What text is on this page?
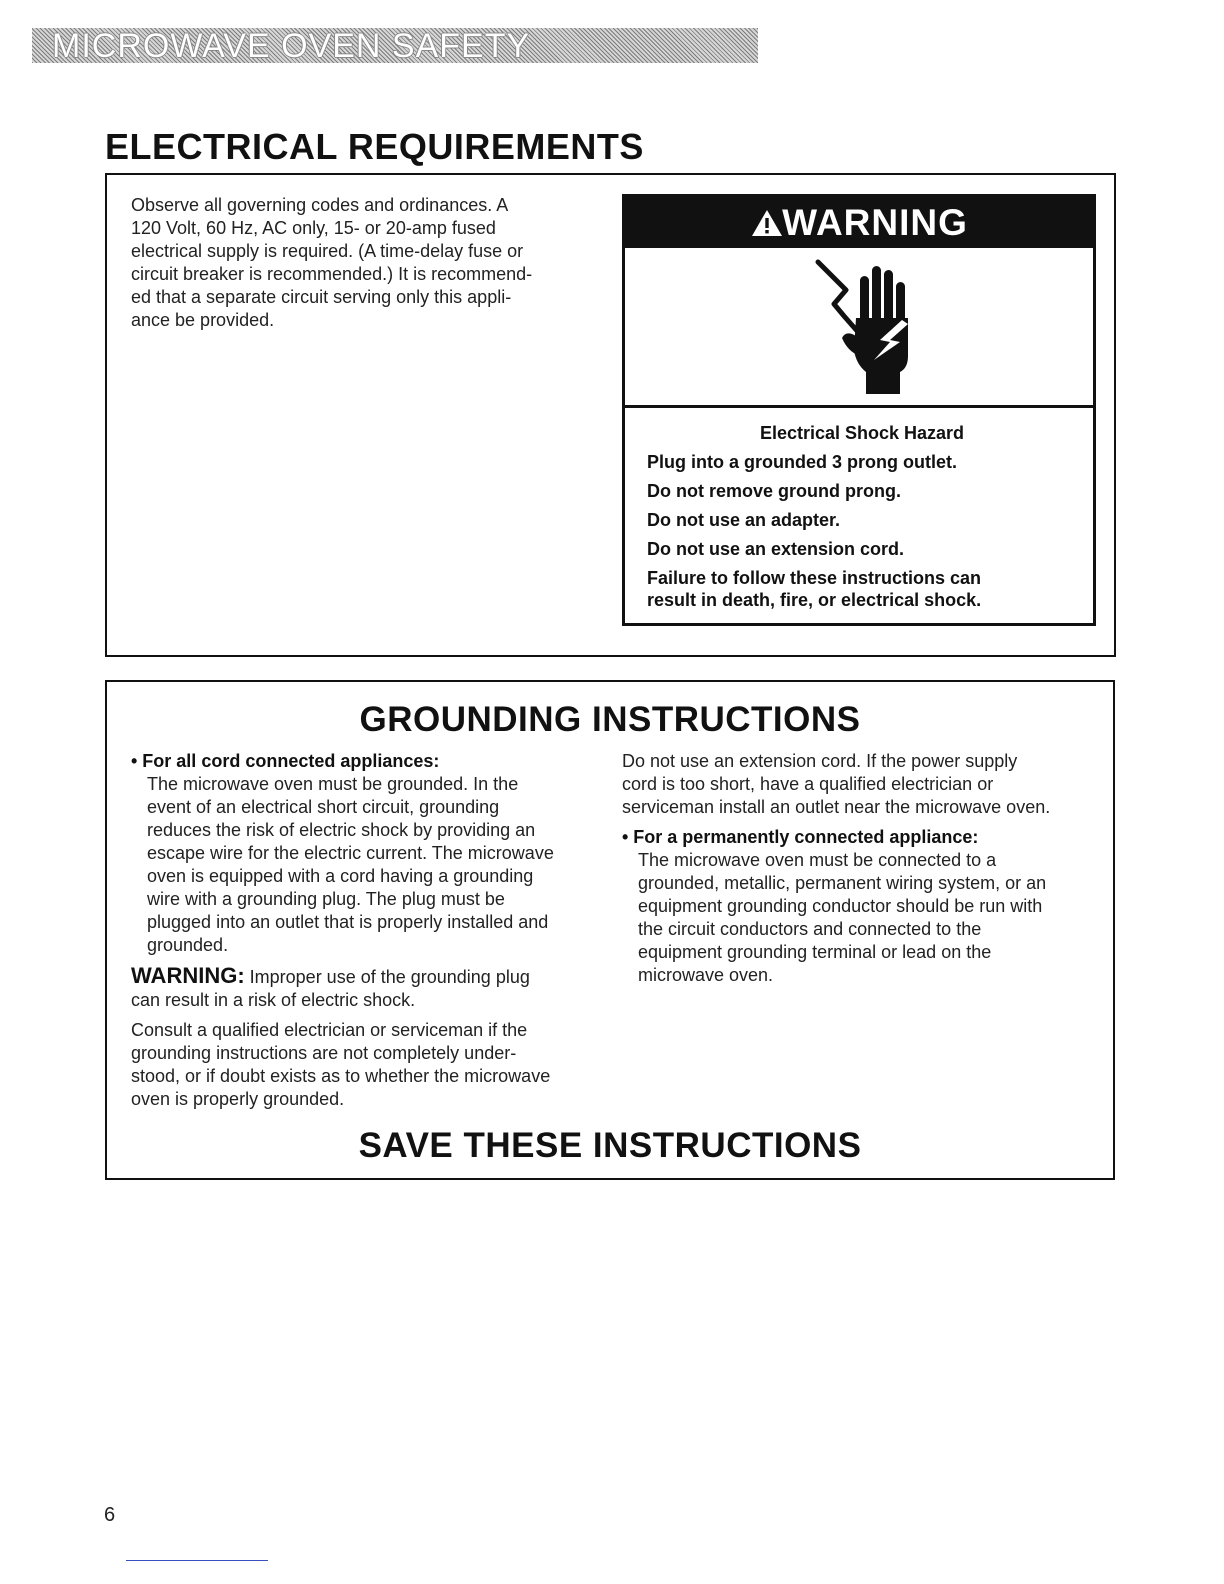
MICROWAVE OVEN SAFETY
ELECTRICAL REQUIREMENTS
Observe all governing codes and ordinances. A
120 Volt, 60 Hz, AC only, 15- or 20-amp fused
electrical supply is required. (A time-delay fuse or
circuit breaker is recommended.) It is recommend-
ed that a separate circuit serving only this appli-
ance be provided.
WARNING
Electrical Shock Hazard
Plug into a grounded 3 prong outlet.
Do not remove ground prong.
Do not use an adapter.
Do not use an extension cord.
Failure to follow these instructions can
result in death, fire, or electrical shock.
GROUNDING INSTRUCTIONS

• For all cord connected appliances:

The microwave oven must be grounded. In the

event of an electrical short circuit, grounding

reduces the risk of electric shock by providing an

escape wire for the electric current. The microwave

oven is equipped with a cord having a grounding

wire with a grounding plug. The plug must be

plugged into an outlet that is properly installed and

grounded.

WARNING: Improper use of the grounding plug

can result in a risk of electric shock.

Consult a qualified electrician or serviceman if the

grounding instructions are not completely under-

stood, or if doubt exists as to whether the microwave

oven is properly grounded.

Do not use an extension cord. If the power supply

cord is too short, have a qualified electrician or

serviceman install an outlet near the microwave oven.

• For a permanently connected appliance:

The microwave oven must be connected to a

grounded, metallic, permanent wiring system, or an

equipment grounding conductor should be run with

the circuit conductors and connected to the

equipment grounding terminal or lead on the

microwave oven.

SAVE THESE INSTRUCTIONS
6
